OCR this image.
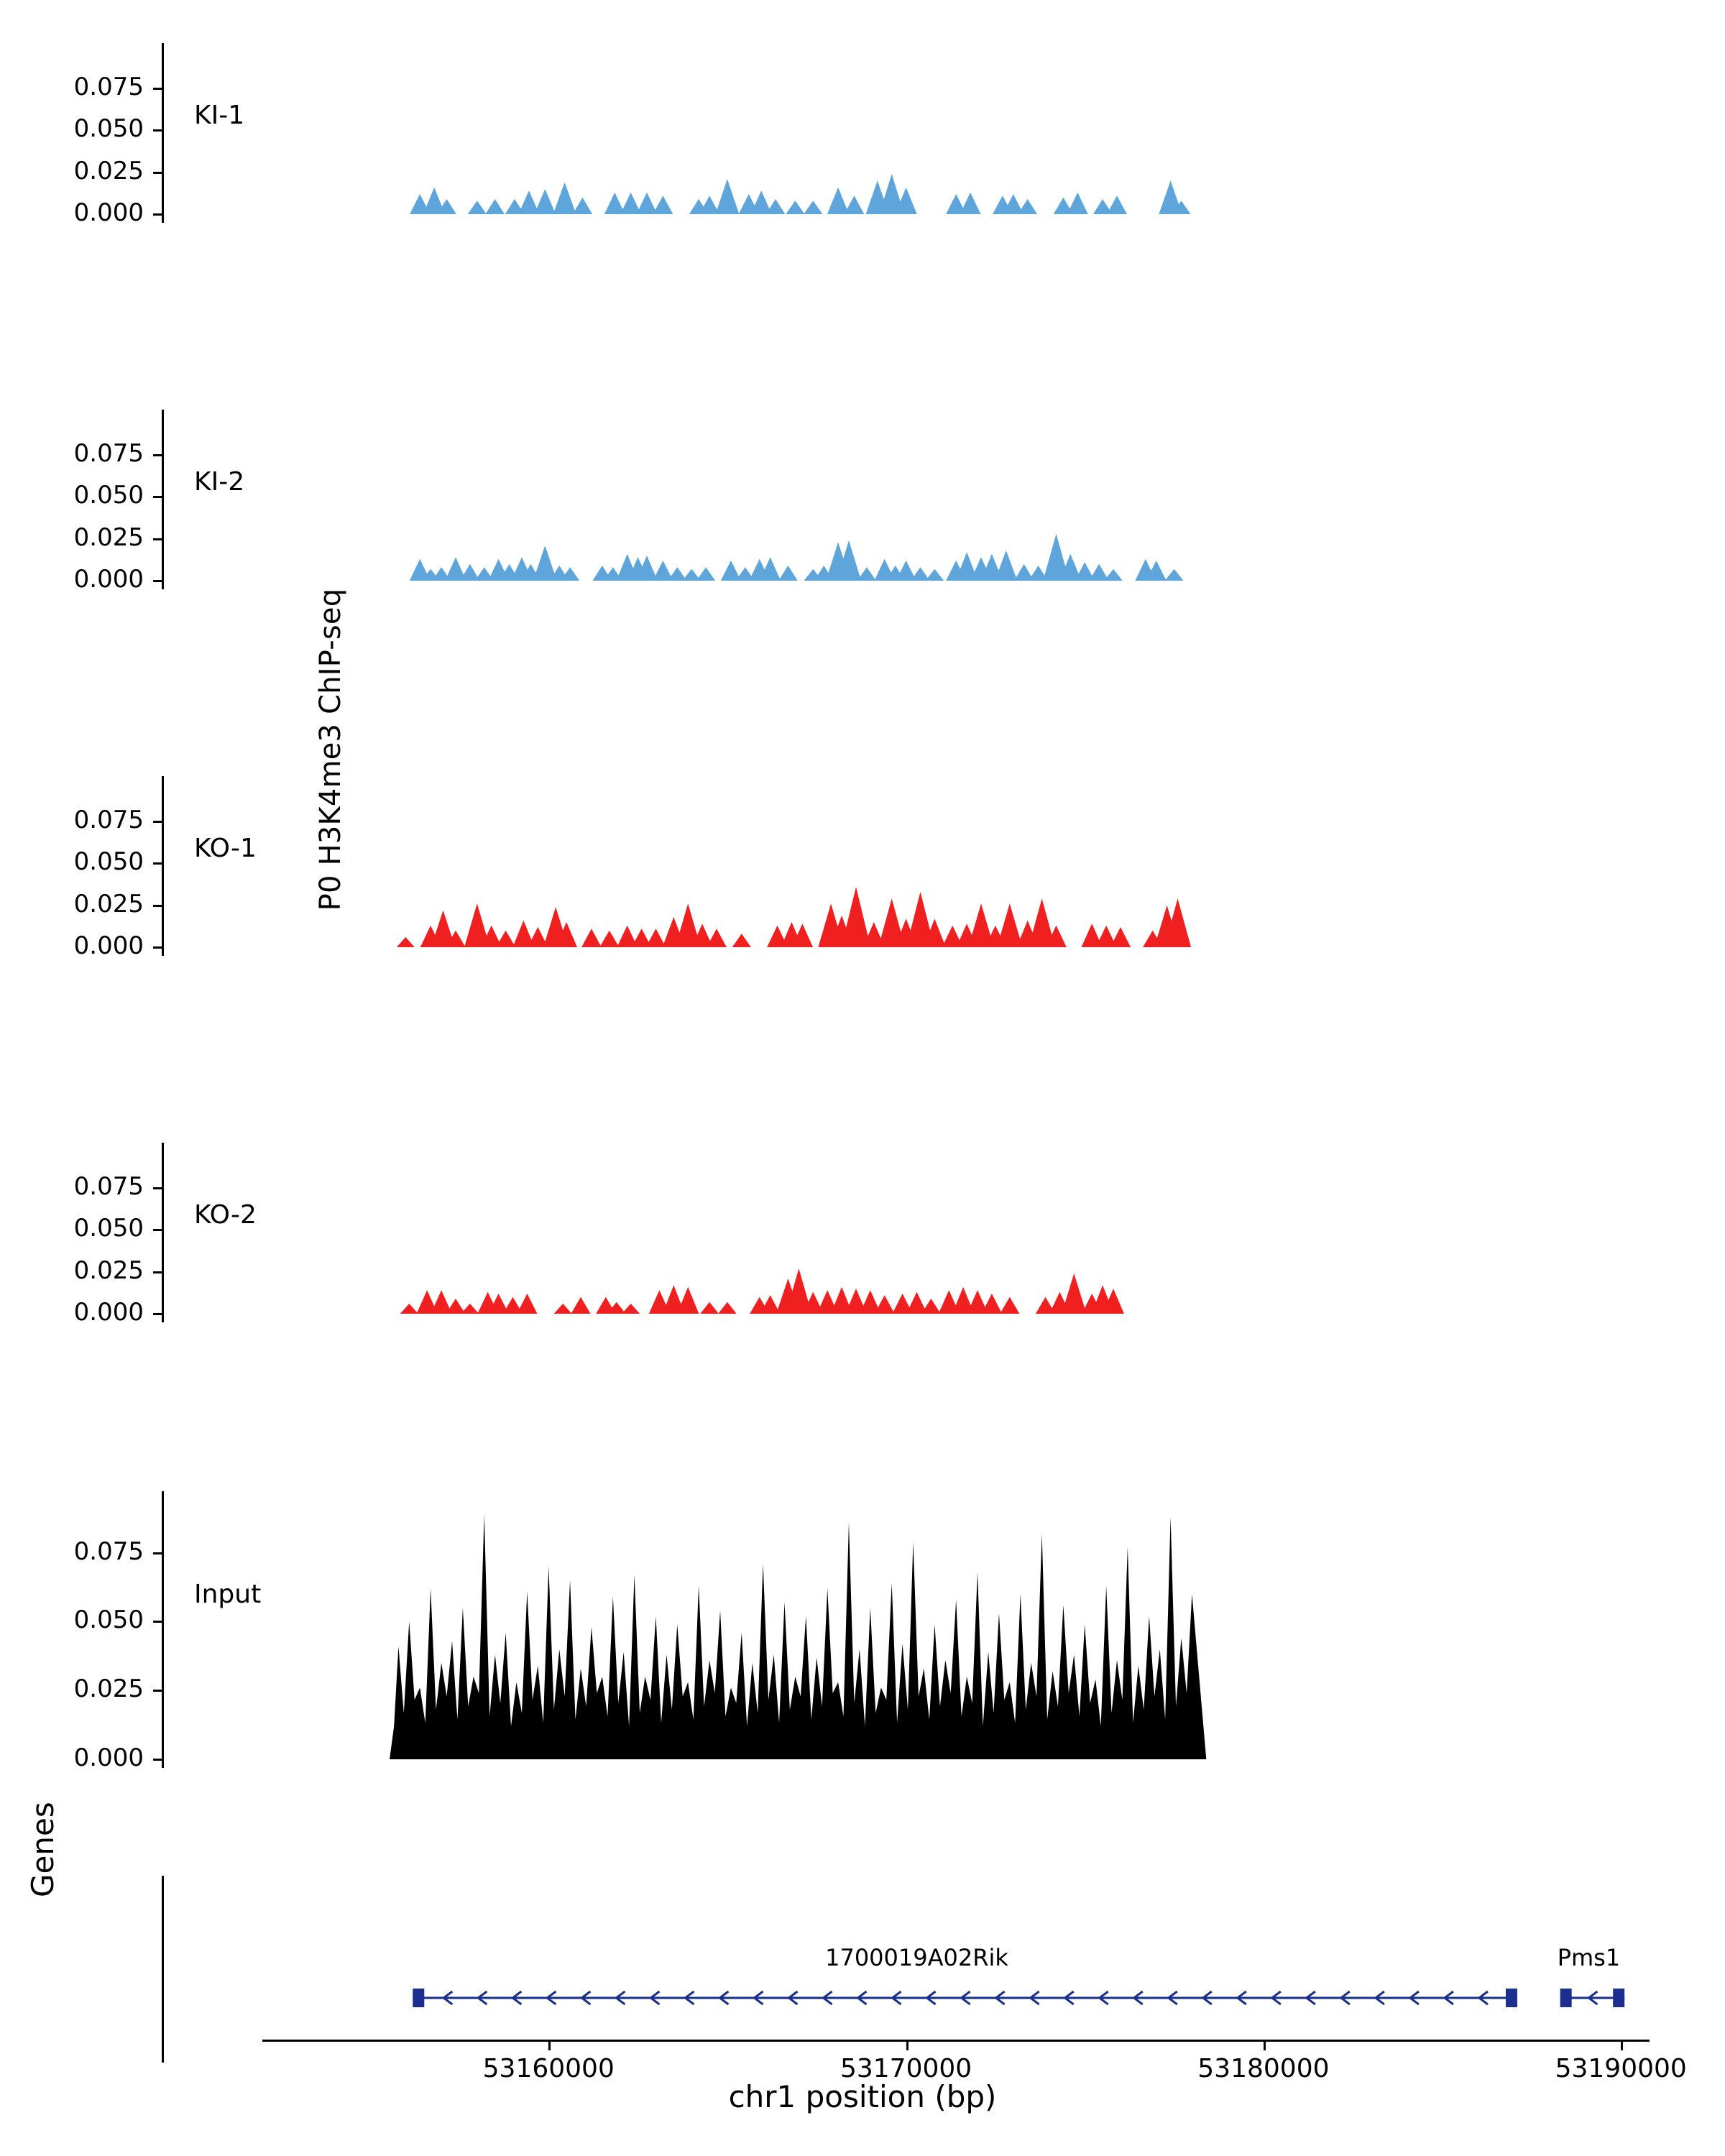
P0 H3K4me3 ChIP-seq
chr1 position (bp)
0.000
0.025
0.050
0.075
KI-1
0.000
0.025
0.050
0.075
KI-2
0.000
0.025
0.050
0.075
KO-1
0.000
0.025
0.050
0.075
KO-2
0.000
0.025
0.050
0.075
Input
Genes
1700019A02Rik	Pms1
53160000	53170000	53180000	53190000
